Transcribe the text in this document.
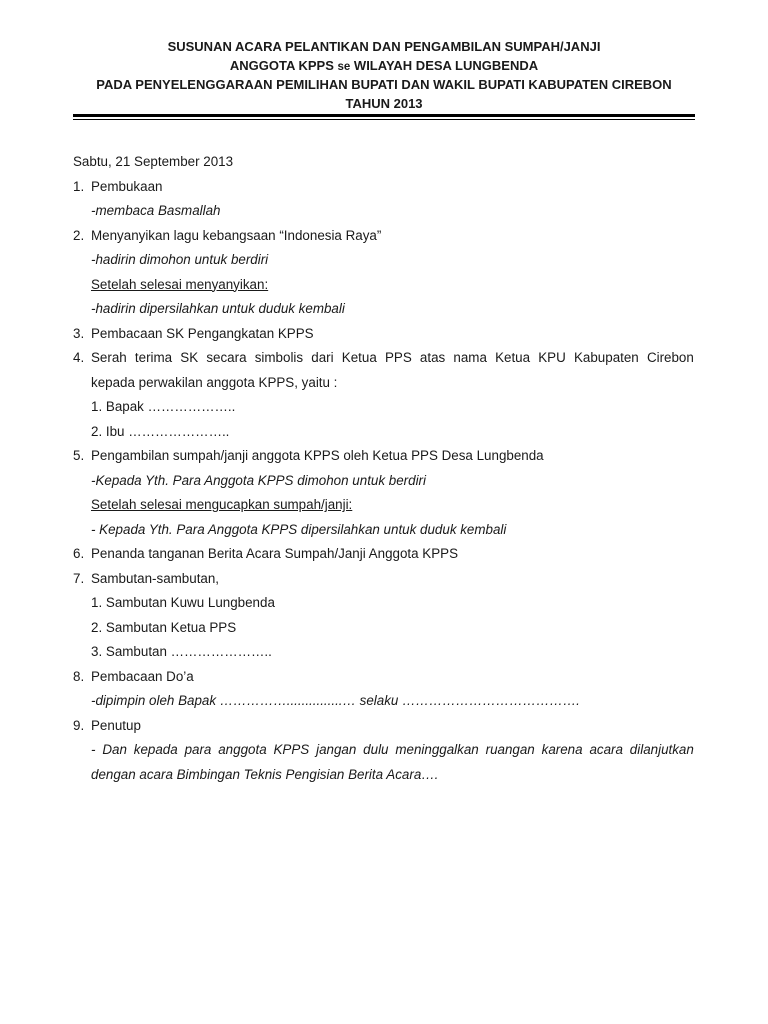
SUSUNAN ACARA PELANTIKAN DAN PENGAMBILAN SUMPAH/JANJI
ANGGOTA KPPS se WILAYAH DESA LUNGBENDA
PADA PENYELENGGARAAN PEMILIHAN BUPATI DAN WAKIL BUPATI KABUPATEN CIREBON
TAHUN 2013
Sabtu, 21 September 2013
1. Pembukaan
-membaca Basmallah
2. Menyanyikan lagu kebangsaan “Indonesia Raya”
-hadirin dimohon untuk berdiri
Setelah selesai menyanyikan:
-hadirin dipersilahkan untuk duduk kembali
3. Pembacaan SK Pengangkatan KPPS
4. Serah terima SK secara simbolis dari Ketua PPS atas nama Ketua KPU Kabupaten Cirebon
kepada perwakilan anggota KPPS, yaitu :
1. Bapak ………………..
2. Ibu …………………..
5. Pengambilan sumpah/janji anggota KPPS oleh Ketua PPS Desa Lungbenda
-Kepada Yth. Para Anggota KPPS dimohon untuk berdiri
Setelah selesai mengucapkan sumpah/janji:
- Kepada Yth. Para Anggota KPPS dipersilahkan untuk duduk kembali
6. Penanda tanganan Berita Acara Sumpah/Janji Anggota KPPS
7. Sambutan-sambutan,
1. Sambutan Kuwu Lungbenda
2. Sambutan Ketua PPS
3. Sambutan …………………..
8. Pembacaan Do’a
-dipimpin oleh Bapak ……………...............… selaku ………………………………….
9. Penutup
- Dan kepada para anggota KPPS jangan dulu meninggalkan ruangan karena acara dilanjutkan
dengan acara Bimbingan Teknis Pengisian Berita Acara….
